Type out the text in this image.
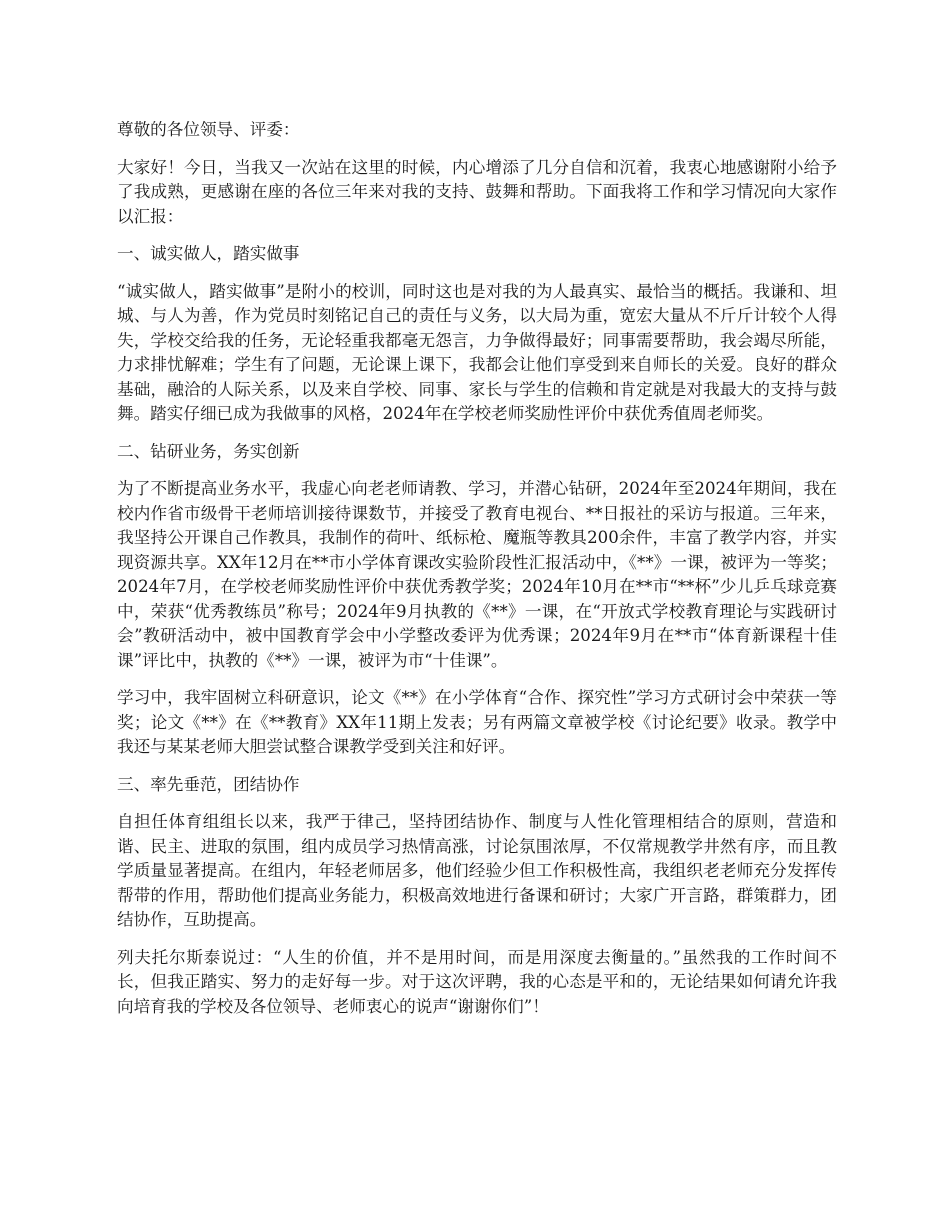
尊敬的各位领导、评委：

大家好！今日，当我又一次站在这里的时候，内心增添了几分自信和沉着，我衷心地感谢附小给予了我成熟，更感谢在座的各位三年来对我的支持、鼓舞和帮助。下面我将工作和学习情况向大家作以汇报：

一、诚实做人，踏实做事

“诚实做人，踏实做事”是附小的校训，同时这也是对我的为人最真实、最恰当的概括。我谦和、坦城、与人为善，作为党员时刻铭记自己的责任与义务，以大局为重，宽宏大量从不斤斤计较个人得失，学校交给我的任务，无论轻重我都毫无怨言，力争做得最好；同事需要帮助，我会竭尽所能，力求排忧解难；学生有了问题，无论课上课下，我都会让他们享受到来自师长的关爱。良好的群众基础，融洽的人际关系，以及来自学校、同事、家长与学生的信赖和肯定就是对我最大的支持与鼓舞。踏实仔细已成为我做事的风格，2024年在学校老师奖励性评价中获优秀值周老师奖。

二、钻研业务，务实创新

为了不断提高业务水平，我虚心向老老师请教、学习，并潜心钻研，2024年至2024年期间，我在校内作省市级骨干老师培训接待课数节，并接受了教育电视台、**日报社的采访与报道。三年来，我坚持公开课自己作教具，我制作的荷叶、纸标枪、魔瓶等教具200余件，丰富了教学内容，并实现资源共享。XX年12月在**市小学体育课改实验阶段性汇报活动中，《**》一课，被评为一等奖；2024年7月，在学校老师奖励性评价中获优秀教学奖；2024年10月在**市“**杯”少儿乒乓球竞赛中，荣获“优秀教练员”称号；2024年9月执教的《**》一课，在“开放式学校教育理论与实践研讨会”教研活动中，被中国教育学会中小学整改委评为优秀课；2024年9月在**市“体育新课程十佳课”评比中，执教的《**》一课，被评为市“十佳课”。

学习中，我牢固树立科研意识，论文《**》在小学体育“合作、探究性”学习方式研讨会中荣获一等奖；论文《**》在《**教育》XX年11期上发表；另有两篇文章被学校《讨论纪要》收录。教学中我还与某某老师大胆尝试整合课教学受到关注和好评。

三、率先垂范，团结协作

自担任体育组组长以来，我严于律己，坚持团结协作、制度与人性化管理相结合的原则，营造和谐、民主、进取的氛围，组内成员学习热情高涨，讨论氛围浓厚，不仅常规教学井然有序，而且教学质量显著提高。在组内，年轻老师居多，他们经验少但工作积极性高，我组织老老师充分发挥传帮带的作用，帮助他们提高业务能力，积极高效地进行备课和研讨；大家广开言路，群策群力，团结协作，互助提高。

列夫托尔斯泰说过：“人生的价值，并不是用时间，而是用深度去衡量的。”虽然我的工作时间不长，但我正踏实、努力的走好每一步。对于这次评聘，我的心态是平和的，无论结果如何请允许我向培育我的学校及各位领导、老师衷心的说声“谢谢你们”！
